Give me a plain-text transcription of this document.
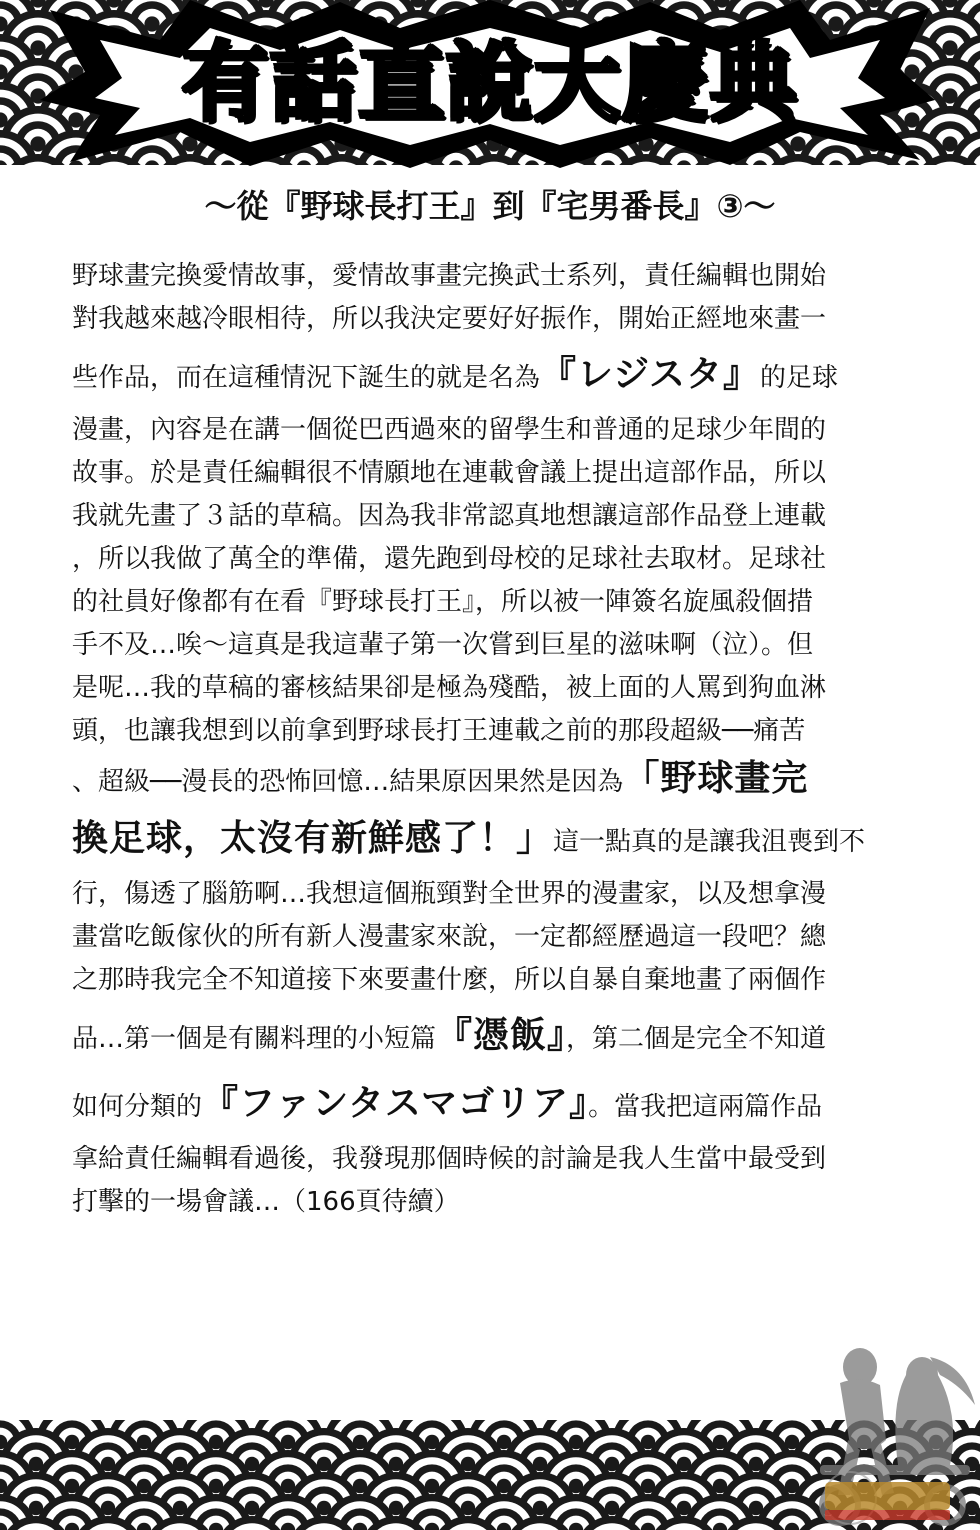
有話直說大慶典
～從『野球長打王』到『宅男番長』③～
野球畫完換愛情故事，愛情故事畫完換武士系列，責任編輯也開始
對我越來越冷眼相待，所以我決定要好好振作，開始正經地來畫一
些作品，而在這種情況下誕生的就是名為『レジスタ』的足球
漫畫，內容是在講一個從巴西過來的留學生和普通的足球少年間的
故事。於是責任編輯很不情願地在連載會議上提出這部作品，所以
我就先畫了３話的草稿。因為我非常認真地想讓這部作品登上連載
，所以我做了萬全的準備，還先跑到母校的足球社去取材。足球社
的社員好像都有在看『野球長打王』，所以被一陣簽名旋風殺個措
手不及…唉～這真是我這輩子第一次嘗到巨星的滋味啊（泣）。但
是呢…我的草稿的審核結果卻是極為殘酷，被上面的人罵到狗血淋
頭，也讓我想到以前拿到野球長打王連載之前的那段超級──痛苦
、超級──漫長的恐怖回憶…結果原因果然是因為「野球畫完
換足球，太沒有新鮮感了！」這一點真的是讓我沮喪到不
行，傷透了腦筋啊…我想這個瓶頸對全世界的漫畫家，以及想拿漫
畫當吃飯傢伙的所有新人漫畫家來說，一定都經歷過這一段吧？總
之那時我完全不知道接下來要畫什麼，所以自暴自棄地畫了兩個作
品…第一個是有關料理的小短篇『憑飯』，第二個是完全不知道
如何分類的『ファンタスマゴリア』。當我把這兩篇作品
拿給責任編輯看過後，我發現那個時候的討論是我人生當中最受到
打擊的一場會議…（166頁待續）
